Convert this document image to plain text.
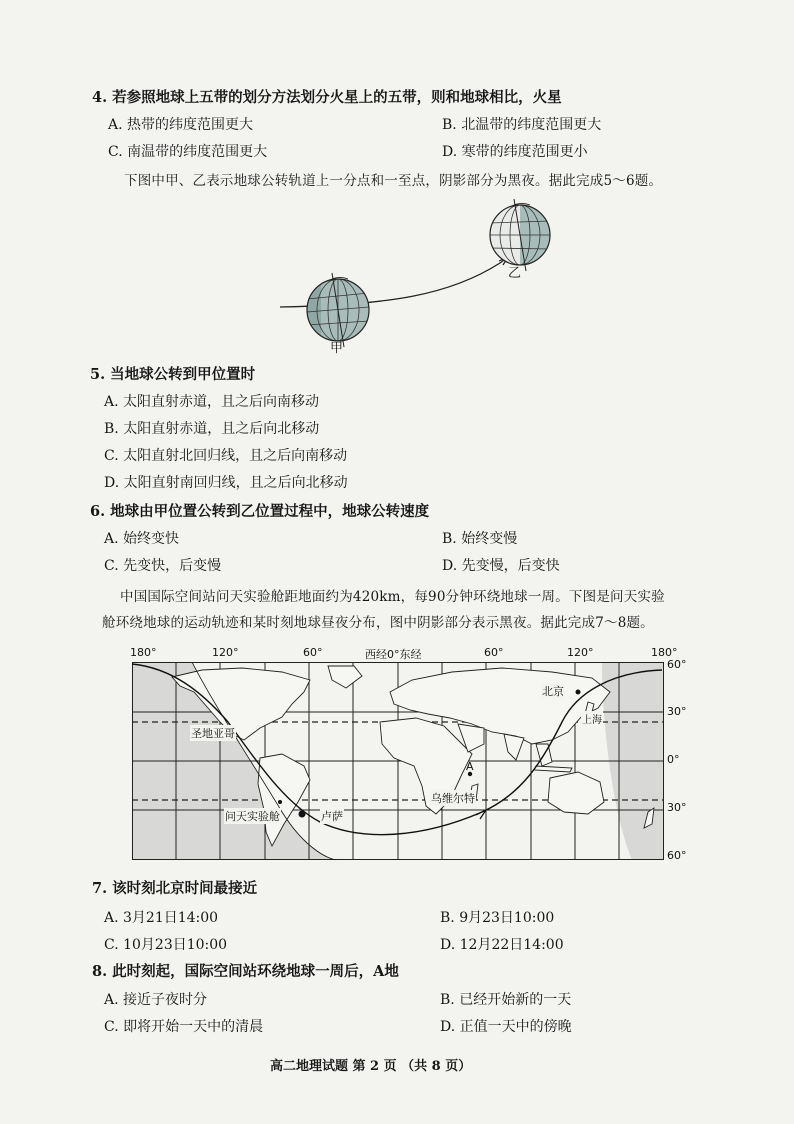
4. 若参照地球上五带的划分方法划分火星上的五带，则和地球相比，火星
A. 热带的纬度范围更大	B. 北温带的纬度范围更大
C. 南温带的纬度范围更大	D. 寒带的纬度范围更小
下图中甲、乙表示地球公转轨道上一分点和一至点，阴影部分为黑夜。据此完成5～6题。
乙
甲
5. 当地球公转到甲位置时
A. 太阳直射赤道，且之后向南移动
B. 太阳直射赤道，且之后向北移动
C. 太阳直射北回归线，且之后向南移动
D. 太阳直射南回归线，且之后向北移动
6. 地球由甲位置公转到乙位置过程中，地球公转速度
A. 始终变快	B. 始终变慢
C. 先变快，后变慢	D. 先变慢，后变快
中国国际空间站问天实验舱距地面约为420km，每90分钟环绕地球一周。下图是问天实验
舱环绕地球的运动轨迹和某时刻地球昼夜分布，图中阴影部分表示黑夜。据此完成7～8题。
180°	120°	60°	西经0°东经	60°	120°	180°
60°
30°
0°
30°
60°
圣地亚哥
问天实验舱
北京
上海
乌维尔特
A
卢萨
7. 该时刻北京时间最接近
A. 3月21日14:00	B. 9月23日10:00
C. 10月23日10:00	D. 12月22日14:00
8. 此时刻起，国际空间站环绕地球一周后，A地
A. 接近子夜时分	B. 已经开始新的一天
C. 即将开始一天中的清晨	D. 正值一天中的傍晚
高二地理试题 第 2 页 （共 8 页）
